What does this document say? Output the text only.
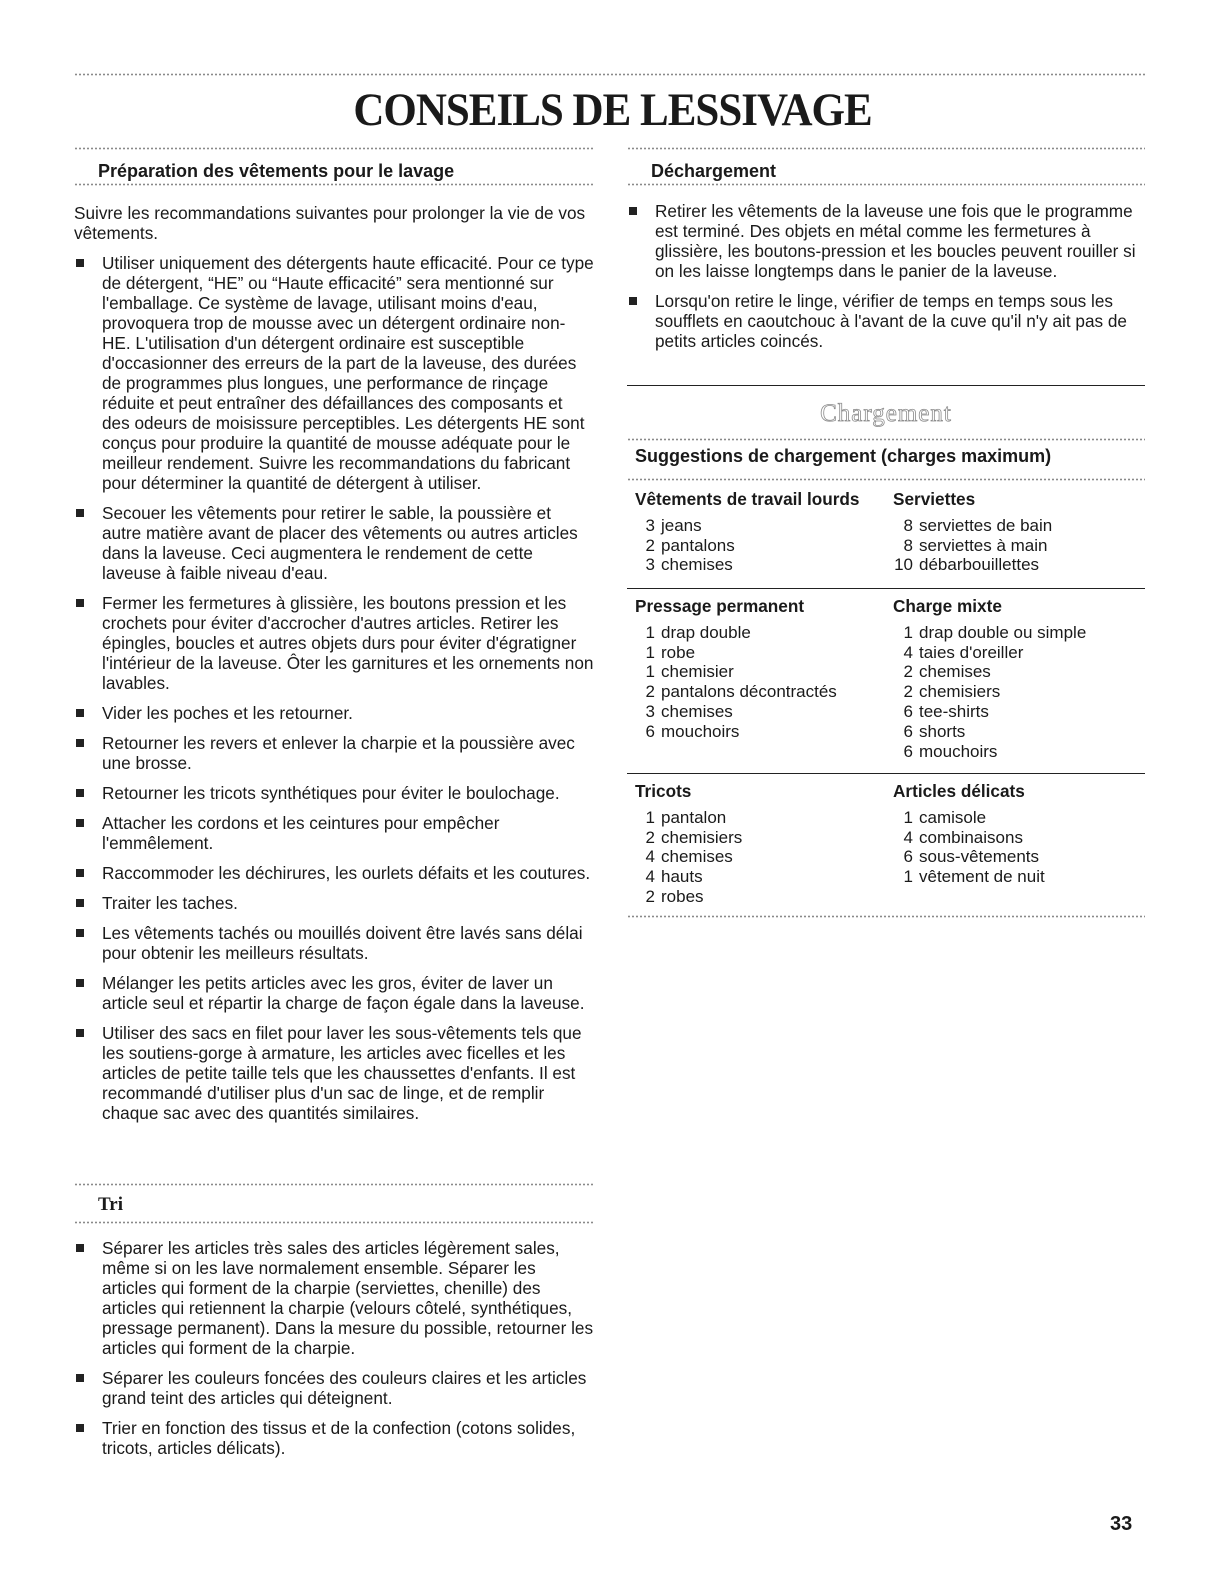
CONSEILS DE LESSIVAGE
Préparation des vêtements pour le lavage

Suivre les recommandations suivantes pour prolonger la vie de vos vêtements.

Utiliser uniquement des détergents haute efficacité. Pour ce type de détergent, “HE” ou “Haute efficacité” sera mentionné sur l'emballage. Ce système de lavage, utilisant moins d'eau, provoquera trop de mousse avec un détergent ordinaire non-HE. L'utilisation d'un détergent ordinaire est susceptible d'occasionner des erreurs de la part de la laveuse, des durées de programmes plus longues, une performance de rinçage réduite et peut entraîner des défaillances des composants et des odeurs de moisissure perceptibles. Les détergents HE sont conçus pour produire la quantité de mousse adéquate pour le meilleur rendement. Suivre les recommandations du fabricant pour déterminer la quantité de détergent à utiliser.
Secouer les vêtements pour retirer le sable, la poussière et autre matière avant de placer des vêtements ou autres articles dans la laveuse. Ceci augmentera le rendement de cette laveuse à faible niveau d'eau.
Fermer les fermetures à glissière, les boutons pression et les crochets pour éviter d'accrocher d'autres articles. Retirer les épingles, boucles et autres objets durs pour éviter d'égratigner l'intérieur de la laveuse. Ôter les garnitures et les ornements non lavables.
Vider les poches et les retourner.
Retourner les revers et enlever la charpie et la poussière avec une brosse.
Retourner les tricots synthétiques pour éviter le boulochage.
Attacher les cordons et les ceintures pour empêcher l'emmêlement.
Raccommoder les déchirures, les ourlets défaits et les coutures.
Traiter les taches.
Les vêtements tachés ou mouillés doivent être lavés sans délai pour obtenir les meilleurs résultats.
Mélanger les petits articles avec les gros, éviter de laver un article seul et répartir la charge de façon égale dans la laveuse.
Utiliser des sacs en filet pour laver les sous-vêtements tels que les soutiens-gorge à armature, les articles avec ficelles et les articles de petite taille tels que les chaussettes d'enfants. Il est recommandé d'utiliser plus d'un sac de linge, et de remplir chaque sac avec des quantités similaires.
Tri
Séparer les articles très sales des articles légèrement sales, même si on les lave normalement ensemble. Séparer les articles qui forment de la charpie (serviettes, chenille) des articles qui retiennent la charpie (velours côtelé, synthétiques, pressage permanent). Dans la mesure du possible, retourner les articles qui forment de la charpie.
Séparer les couleurs foncées des couleurs claires et les articles grand teint des articles qui déteignent.
Trier en fonction des tissus et de la confection (cotons solides, tricots, articles délicats).
Déchargement
Retirer les vêtements de la laveuse une fois que le programme est terminé. Des objets en métal comme les fermetures à glissière, les boutons-pression et les boucles peuvent rouiller si on les laisse longtemps dans le panier de la laveuse.
Lorsqu'on retire le linge, vérifier de temps en temps sous les soufflets en caoutchouc à l'avant de la cuve qu'il n'y ait pas de petits articles coincés.
Chargement
Suggestions de chargement (charges maximum)
Vêtements de travail lourds
3 jeans
2 pantalons
3 chemises
Serviettes
8 serviettes de bain
8 serviettes à main
10 débarbouillettes
Pressage permanent
1 drap double
1 robe
1 chemisier
2 pantalons décontractés
3 chemises
6 mouchoirs
Charge mixte
1 drap double ou simple
4 taies d'oreiller
2 chemises
2 chemisiers
6 tee-shirts
6 shorts
6 mouchoirs
Tricots
1 pantalon
2 chemisiers
4 chemises
4 hauts
2 robes
Articles délicats
1 camisole
4 combinaisons
6 sous-vêtements
1 vêtement de nuit
33
